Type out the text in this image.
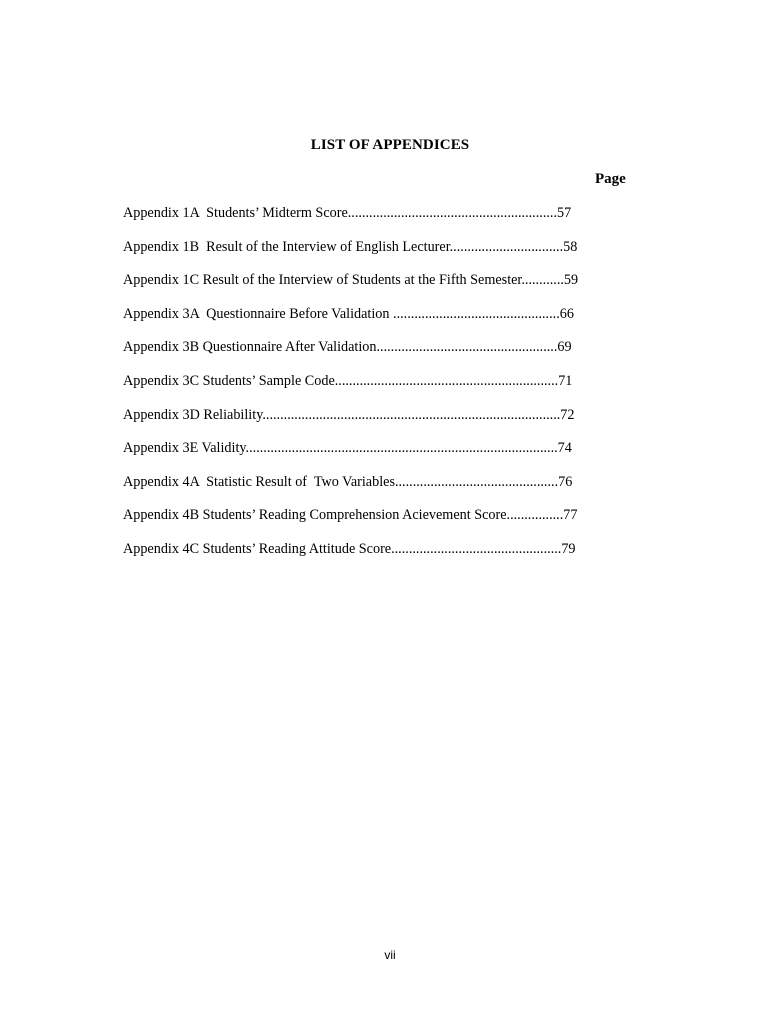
LIST OF APPENDICES
Page
Appendix 1A  Students’ Midterm Score...........................................................57
Appendix 1B  Result of the Interview of English Lecturer................................58
Appendix 1C Result of the Interview of Students at the Fifth Semester............59
Appendix 3A  Questionnaire Before Validation ...............................................66
Appendix 3B Questionnaire After Validation...................................................69
Appendix 3C Students’ Sample Code...............................................................71
Appendix 3D Reliability....................................................................................72
Appendix 3E Validity........................................................................................74
Appendix 4A  Statistic Result of  Two Variables..............................................76
Appendix 4B Students’ Reading Comprehension Acievement Score................77
Appendix 4C Students’ Reading Attitude Score................................................79
vii
